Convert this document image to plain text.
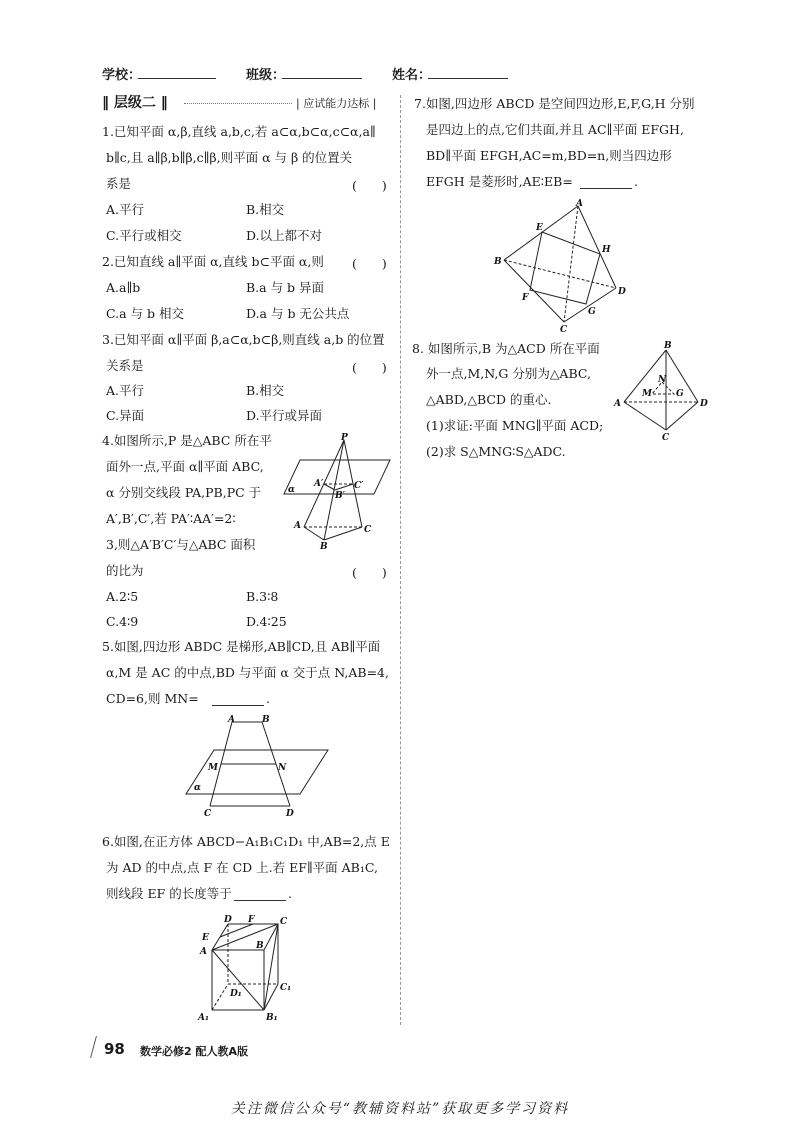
学校：	班级：	姓名：
‖ 层级二 ‖	| 应试能力达标 |
1.已知平面 α,β,直线 a,b,c,若 a⊂α,b⊂α,c⊂α,a∥
b∥c,且 a∥β,b∥β,c∥β,则平面 α 与 β 的位置关
系是	(　　)
A.平行	B.相交
C.平行或相交	D.以上都不对
2.已知直线 a∥平面 α,直线 b⊂平面 α,则 (　　)
A.a∥b	B.a 与 b 异面
C.a 与 b 相交	D.a 与 b 无公共点
3.已知平面 α∥平面 β,a⊂α,b⊂β,则直线 a,b 的位置
关系是	(　　)
A.平行	B.相交
C.异面	D.平行或异面
4.如图所示,P 是△ABC 所在平
面外一点,平面 α∥平面 ABC,
α 分别交线段 PA,PB,PC 于
A′,B′,C′,若 PA′∶AA′=2∶
3,则△A′B′C′与△ABC 面积
的比为	(　　)
A.2∶5	B.3∶8
C.4∶9	D.4∶25
P
α
A′
B′
C′
A
B
C
5.如图,四边形 ABDC 是梯形,AB∥CD,且 AB∥平面
α,M 是 AC 的中点,BD 与平面 α 交于点 N,AB=4,
CD=6,则 MN=	.
A	B
M	N
α
C	D
6.如图,在正方体 ABCD−A₁B₁C₁D₁ 中,AB=2,点 E
为 AD 的中点,点 F 在 CD 上.若 EF∥平面 AB₁C,
则线段 EF 的长度等于	.
D F	C
E
A
B
D₁
C₁
A₁	B₁
7.如图,四边形 ABCD 是空间四边形,E,F,G,H 分别
是四边上的点,它们共面,并且 AC∥平面 EFGH,
BD∥平面 EFGH,AC=m,BD=n,则当四边形
EFGH 是菱形时,AE∶EB=	.
A
E
H
B
D
F
G
C
8. 如图所示,B 为△ACD 所在平面
外一点,M,N,G 分别为△ABC,
△ABD,△BCD 的重心.
(1)求证:平面 MNG∥平面 ACD;
(2)求 S△MNG∶S△ADC.
B
N
M	G
A	D
C
98 数学必修2 配人教A版
关注微信公众号“教辅资料站”获取更多学习资料
